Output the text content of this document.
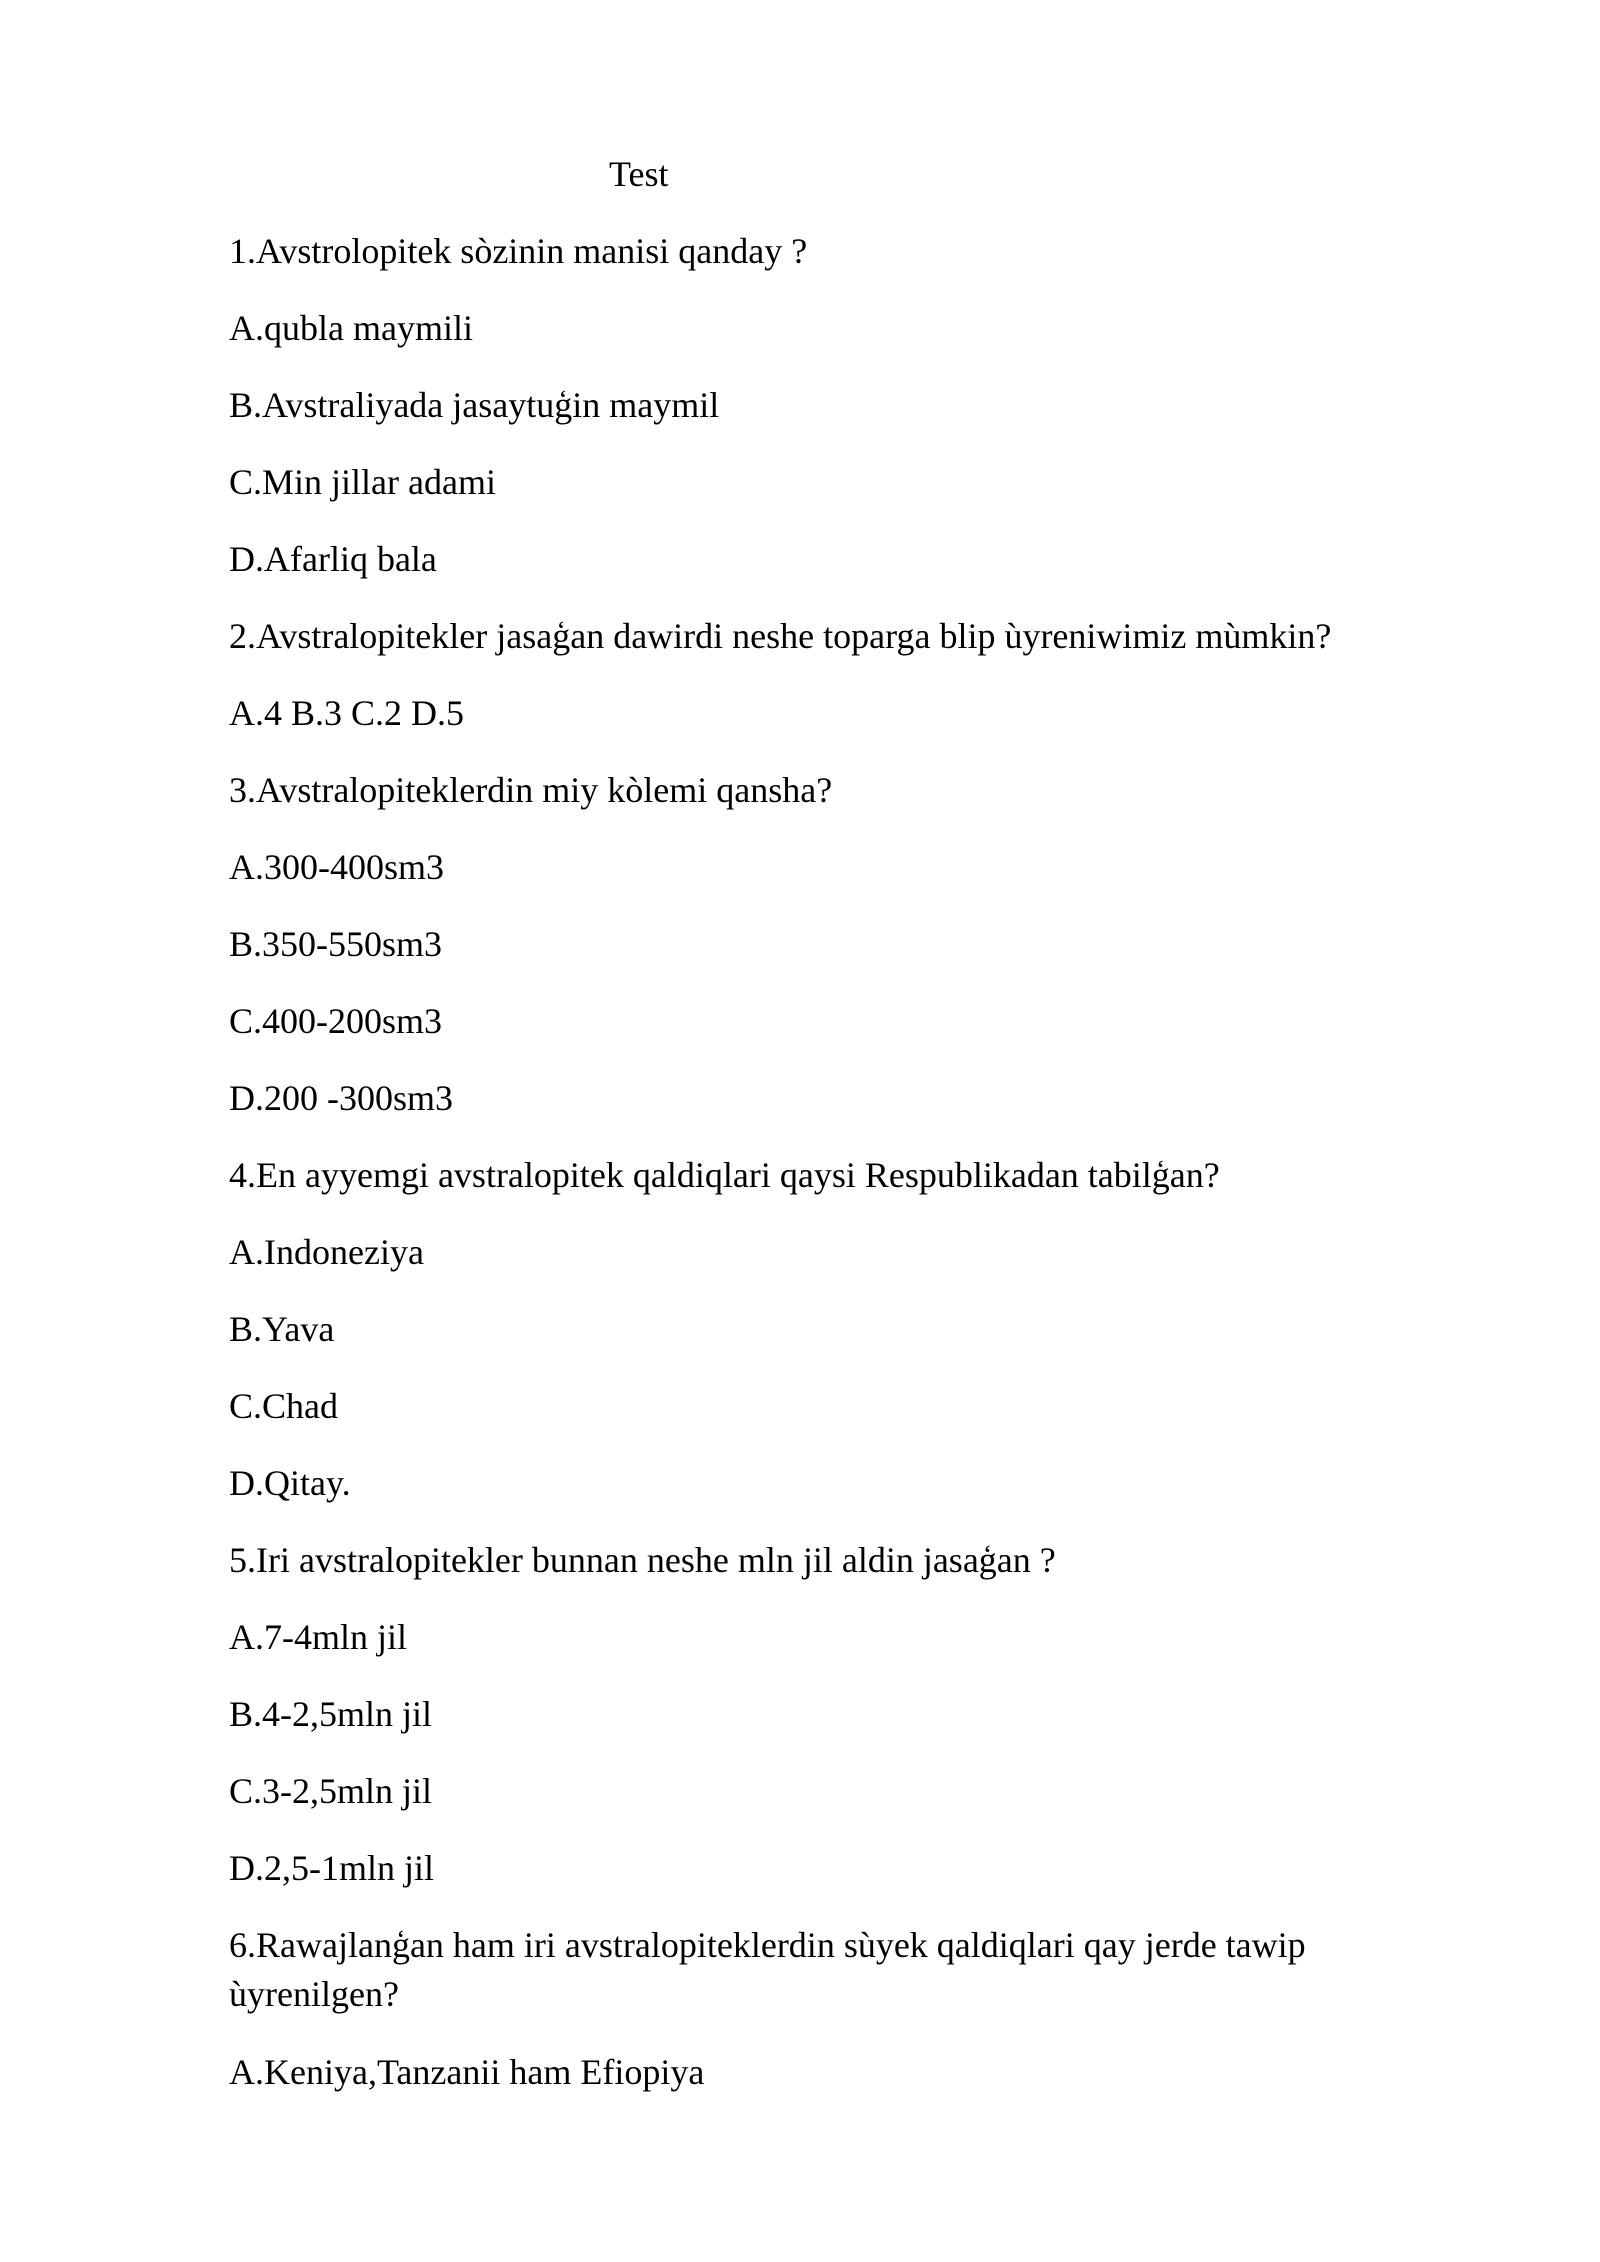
Test
1.Avstrolopitek sòzinin manisi qanday ?
A.qubla maymili
B.Avstraliyada jasaytuģin maymil
C.Min jillar adami
D.Afarliq bala
2.Avstralopitekler jasaģan dawirdi neshe toparga blip ùyreniwimiz mùmkin?
A.4 B.3 C.2 D.5
3.Avstralopiteklerdin miy kòlemi qansha?
A.300-400sm3
B.350-550sm3
C.400-200sm3
D.200 -300sm3
4.En ayyemgi avstralopitek qaldiqlari qaysi Respublikadan tabilģan?
A.Indoneziya
B.Yava
C.Chad
D.Qitay.
5.Iri avstralopitekler bunnan neshe mln jil aldin jasaģan ?
A.7-4mln jil
B.4-2,5mln jil
C.3-2,5mln jil
D.2,5-1mln jil
6.Rawajlanģan ham iri avstralopiteklerdin sùyek qaldiqlari qay jerde tawip ùyrenilgen?
A.Keniya,Tanzanii ham Efiopiya
